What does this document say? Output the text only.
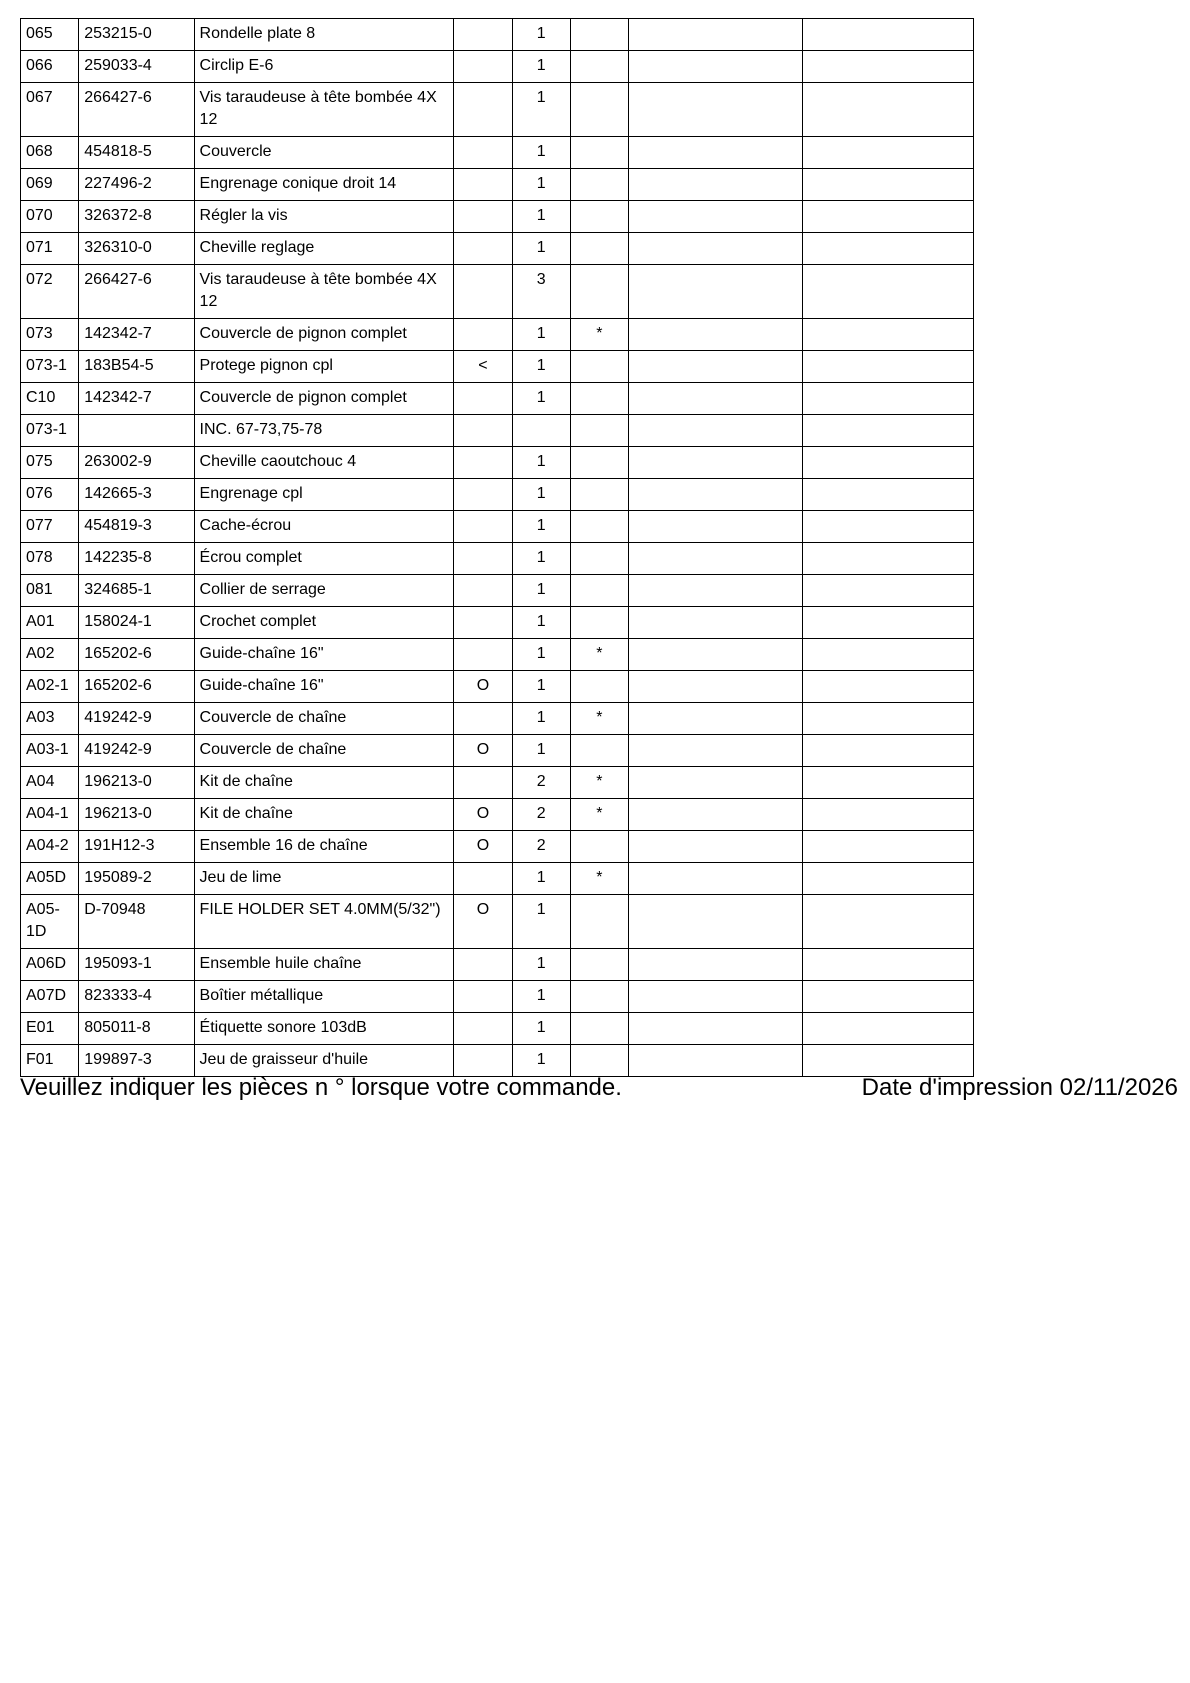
065	253215-0	Rondelle plate 8		1			
066	259033-4	Circlip E-6		1			
067	266427-6	Vis taraudeuse à tête bombée 4X 12		1			
068	454818-5	Couvercle		1			
069	227496-2	Engrenage conique droit 14		1			
070	326372-8	Régler la vis		1			
071	326310-0	Cheville reglage		1			
072	266427-6	Vis taraudeuse à tête bombée 4X 12		3			
073	142342-7	Couvercle de pignon complet		1	*		
073-1	183B54-5	Protege pignon cpl	<	1			
C10	142342-7	Couvercle de pignon complet		1			
073-1		INC. 67-73,75-78					
075	263002-9	Cheville caoutchouc 4		1			
076	142665-3	Engrenage cpl		1			
077	454819-3	Cache-écrou		1			
078	142235-8	Écrou complet		1			
081	324685-1	Collier de serrage		1			
A01	158024-1	Crochet complet		1			
A02	165202-6	Guide-chaîne 16"		1	*		
A02-1	165202-6	Guide-chaîne 16"	O	1			
A03	419242-9	Couvercle de chaîne		1	*		
A03-1	419242-9	Couvercle de chaîne	O	1			
A04	196213-0	Kit de chaîne		2	*		
A04-1	196213-0	Kit de chaîne	O	2	*		
A04-2	191H12-3	Ensemble 16 de chaîne	O	2			
A05D	195089-2	Jeu de lime		1	*		
A05-1D	D-70948	FILE HOLDER SET 4.0MM(5/32")	O	1			
A06D	195093-1	Ensemble huile chaîne		1			
A07D	823333-4	Boîtier métallique		1			
E01	805011-8	Étiquette sonore 103dB		1			
F01	199897-3	Jeu de graisseur d'huile		1			
Veuillez indiquer les pièces n ° lorsque votre commande.	Date d'impression 02/11/2026
